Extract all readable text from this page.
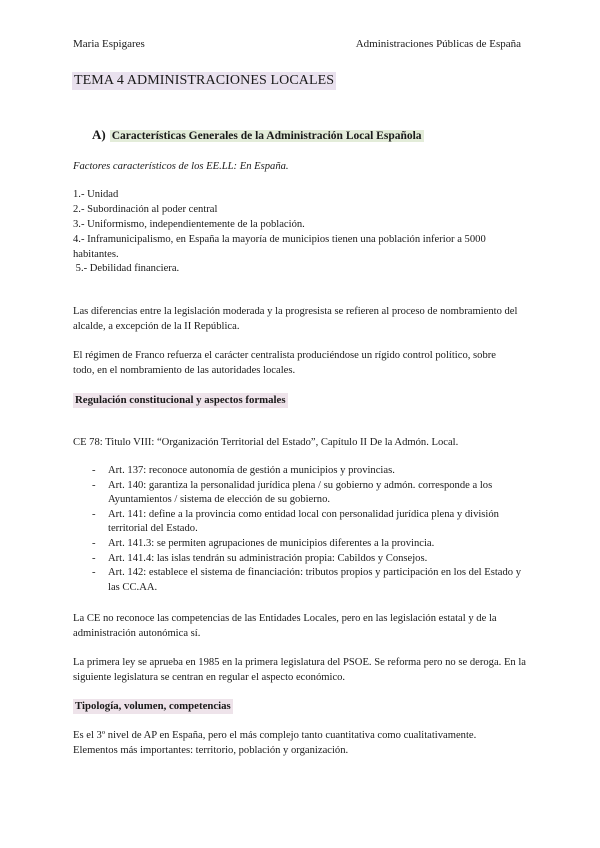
Maria Espigares	Administraciones Públicas de España
TEMA 4 ADMINISTRACIONES LOCALES
A) Características Generales de la Administración Local Española
Factores característicos de los EE.LL: En España.
1.- Unidad
2.- Subordinación al poder central
3.- Uniformismo, independientemente de la población.
4.- Inframunicipalismo, en España la mayoría de municipios tienen una población inferior a 5000 habitantes.
5.- Debilidad financiera.
Las diferencias entre la legislación moderada y la progresista se refieren al proceso de nombramiento del alcalde, a excepción de la II República.
El régimen de Franco refuerza el carácter centralista produciéndose un rígido control político, sobre todo, en el nombramiento de las autoridades locales.
Regulación constitucional y aspectos formales
CE 78: Titulo VIII: “Organización Territorial del Estado”, Capítulo II De la Admón. Local.
- Art. 137: reconoce autonomía de gestión a municipios y provincias.
- Art. 140: garantiza la personalidad jurídica plena / su gobierno y admón. corresponde a los Ayuntamientos / sistema de elección de su gobierno.
- Art. 141: define a la provincia como entidad local con personalidad jurídica plena y división territorial del Estado.
- Art. 141.3: se permiten agrupaciones de municipios diferentes a la provincia.
- Art. 141.4: las islas tendrán su administración propia: Cabildos y Consejos.
- Art. 142: establece el sistema de financiación: tributos propios y participación en los del Estado y las CC.AA.
La CE no reconoce las competencias de las Entidades Locales, pero en las legislación estatal y de la administración autonómica sí.
La primera ley se aprueba en 1985 en la primera legislatura del PSOE. Se reforma pero no se deroga. En la siguiente legislatura se centran en regular el aspecto económico.
Tipología, volumen, competencias
Es el 3º nivel de AP en España, pero el más complejo tanto cuantitativa como cualitativamente. Elementos más importantes: territorio, población y organización.
